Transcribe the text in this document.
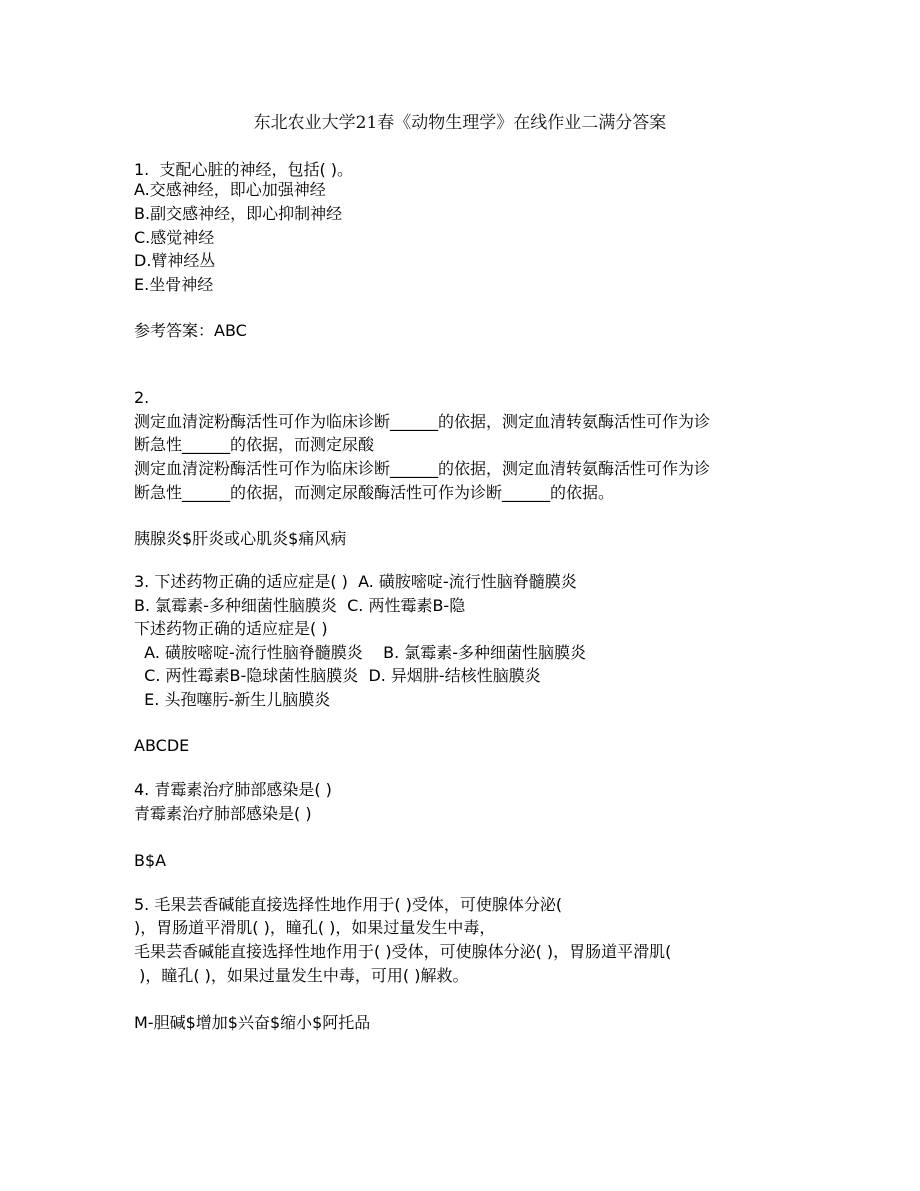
东北农业大学21春《动物生理学》在线作业二满分答案
1.  支配心脏的神经，包括( )。
A.交感神经，即心加强神经
B.副交感神经，即心抑制神经
C.感觉神经
D.臂神经丛
E.坐骨神经
参考答案：ABC
2.
测定血清淀粉酶活性可作为临床诊断______的依据，测定血清转氨酶活性可作为诊
断急性______的依据，而测定尿酸
测定血清淀粉酶活性可作为临床诊断______的依据，测定血清转氨酶活性可作为诊
断急性______的依据，而测定尿酸酶活性可作为诊断______的依据。
胰腺炎$肝炎或心肌炎$痛风病
3. 下述药物正确的适应症是( )  A. 磺胺嘧啶-流行性脑脊髓膜炎
B. 氯霉素-多种细菌性脑膜炎  C. 两性霉素B-隐
下述药物正确的适应症是( )
A. 磺胺嘧啶-流行性脑脊髓膜炎    B. 氯霉素-多种细菌性脑膜炎
C. 两性霉素B-隐球菌性脑膜炎  D. 异烟肼-结核性脑膜炎
E. 头孢噻肟-新生儿脑膜炎
ABCDE
4. 青霉素治疗肺部感染是( )
青霉素治疗肺部感染是( )
B$A
5. 毛果芸香碱能直接选择性地作用于( )受体，可使腺体分泌(
)，胃肠道平滑肌( )，瞳孔( )，如果过量发生中毒，
毛果芸香碱能直接选择性地作用于( )受体，可使腺体分泌( )，胃肠道平滑肌(
)，瞳孔( )，如果过量发生中毒，可用( )解救。
M-胆碱$增加$兴奋$缩小$阿托品
